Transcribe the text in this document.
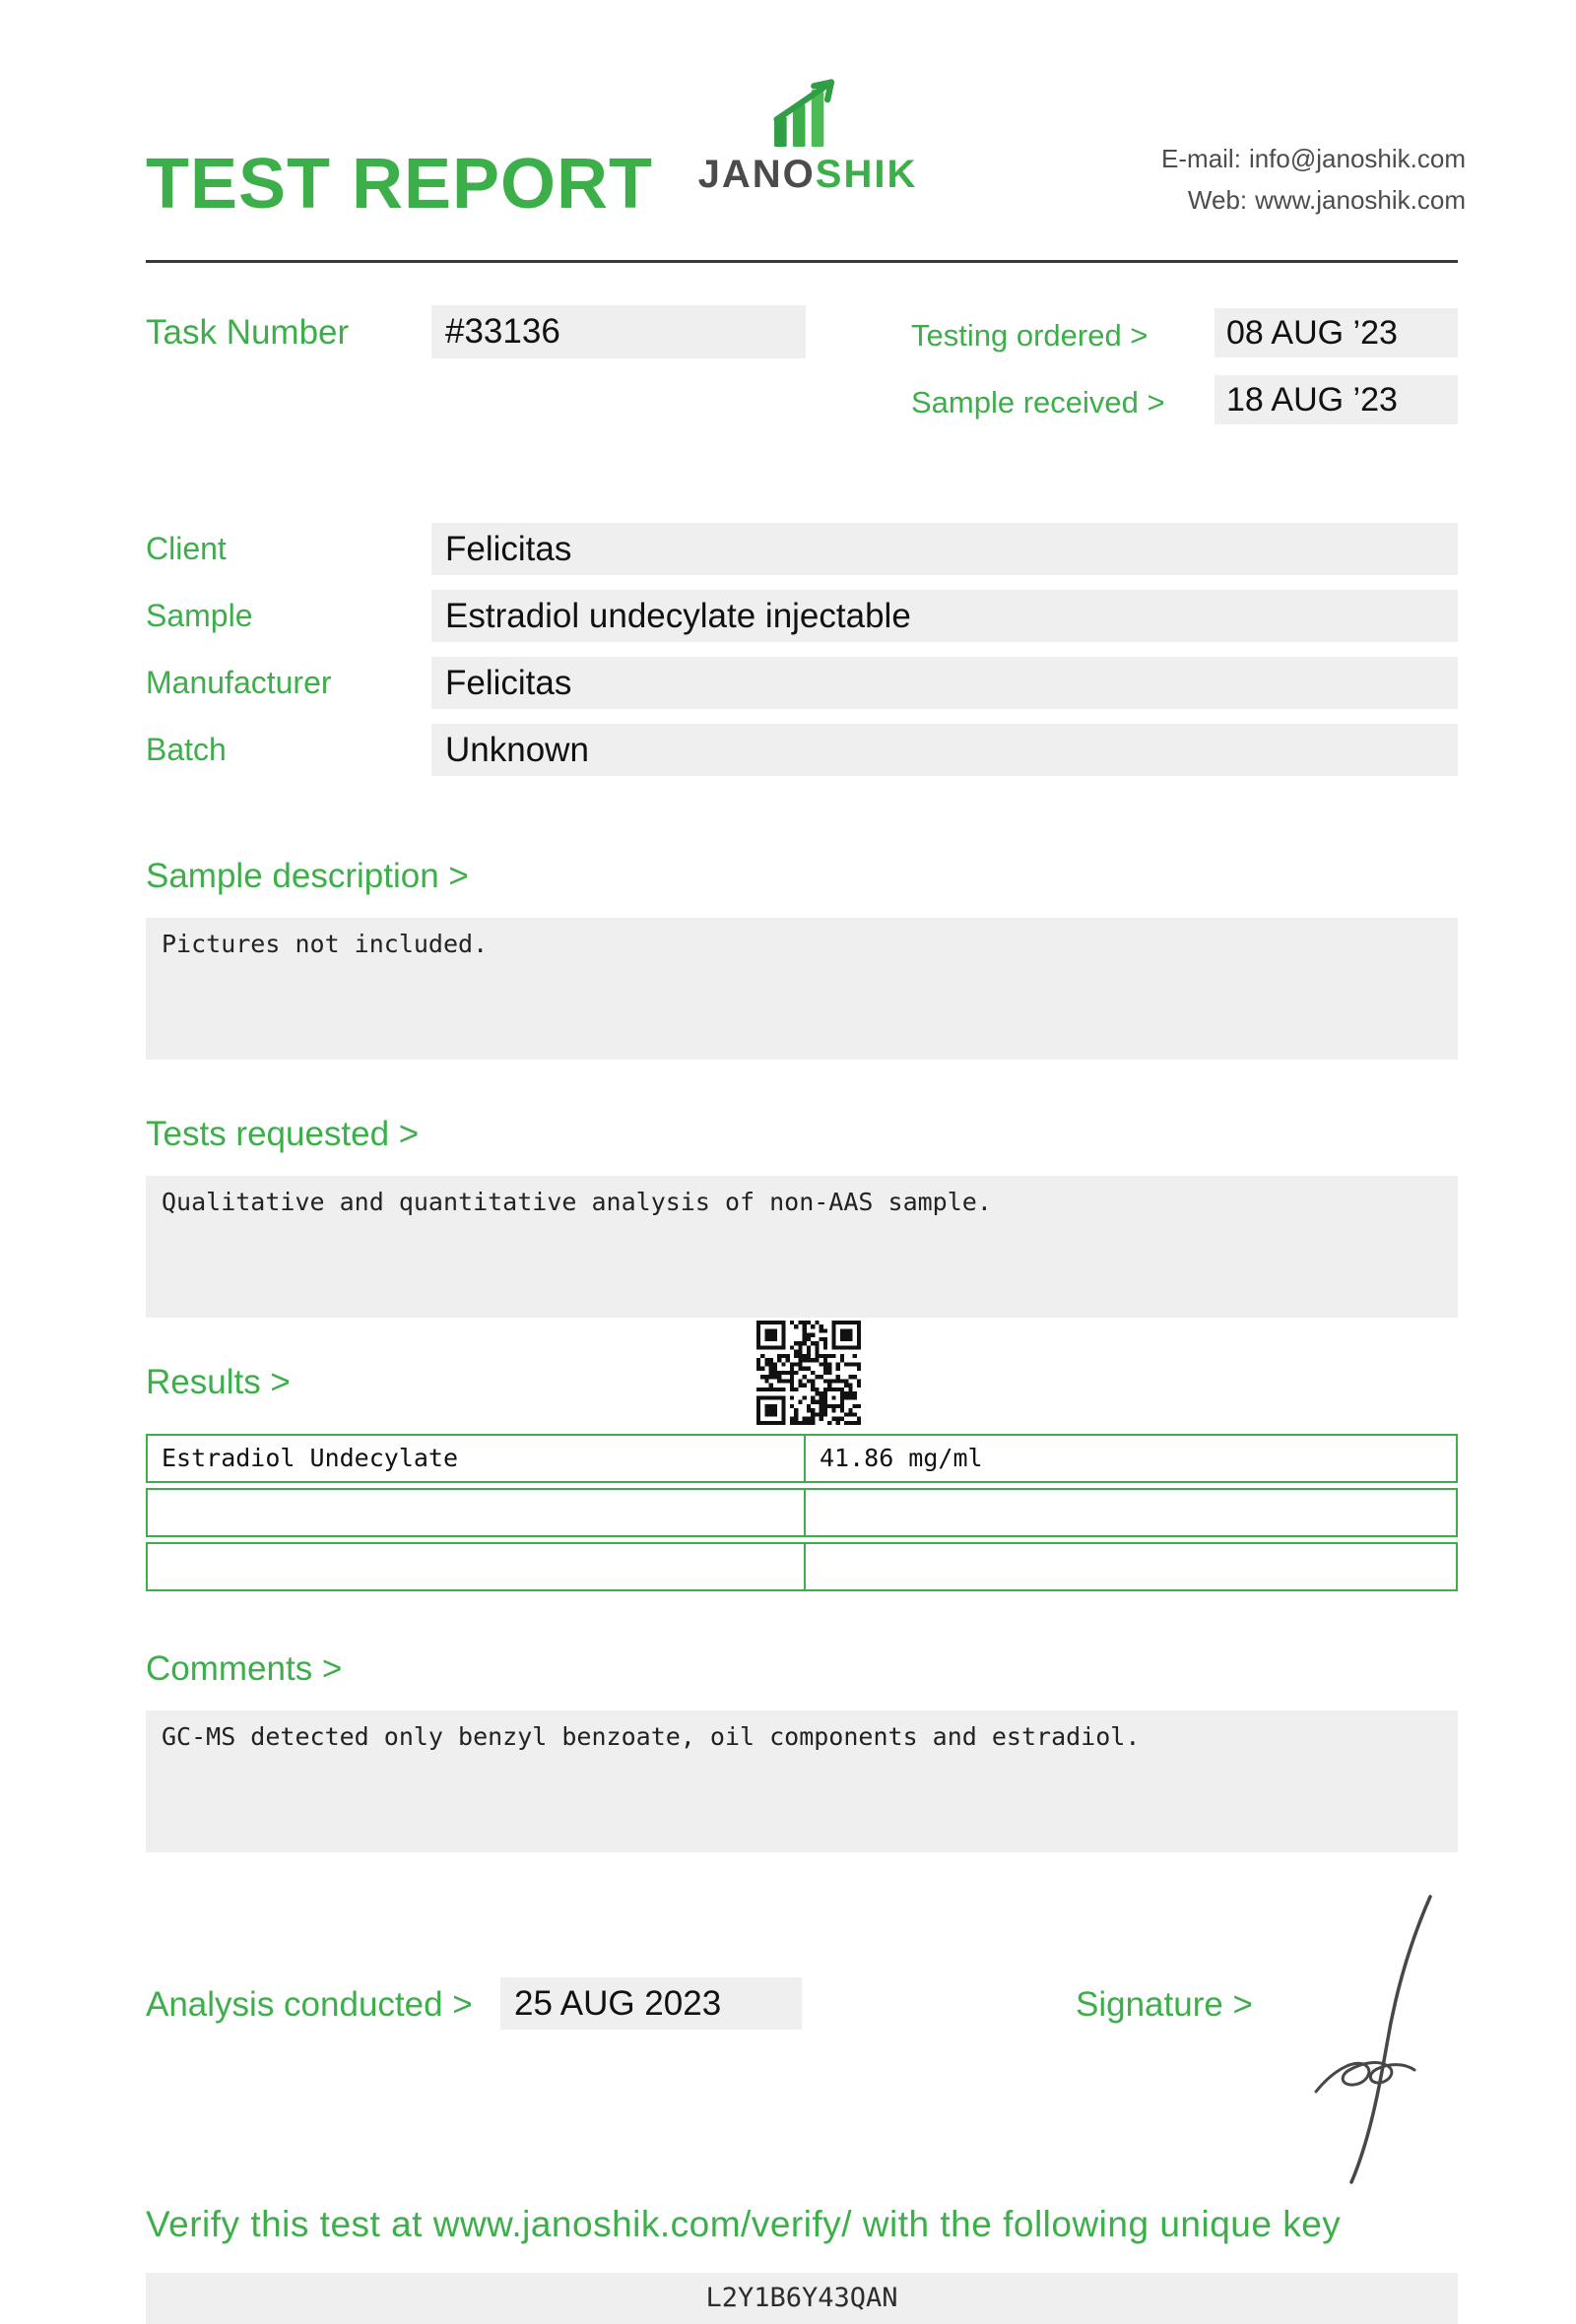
TEST REPORT JANOSHIK	E-mail: info@janoshik.com
Web: www.janoshik.com
Task Number	#33136	Testing ordered >	08 AUG ’23
Sample received >	18 AUG ’23
Client	Felicitas
Sample	Estradiol undecylate injectable
Manufacturer	Felicitas
Batch	Unknown
Sample description >
Pictures not included.
Tests requested >
Qualitative and quantitative analysis of non-AAS sample.
Results >
Estradiol Undecylate	41.86 mg/ml
Comments >
GC-MS detected only benzyl benzoate, oil components and estradiol.
Analysis conducted >	25 AUG 2023	Signature >
Verify this test at www.janoshik.com/verify/ with the following unique key
L2Y1B6Y43QAN
